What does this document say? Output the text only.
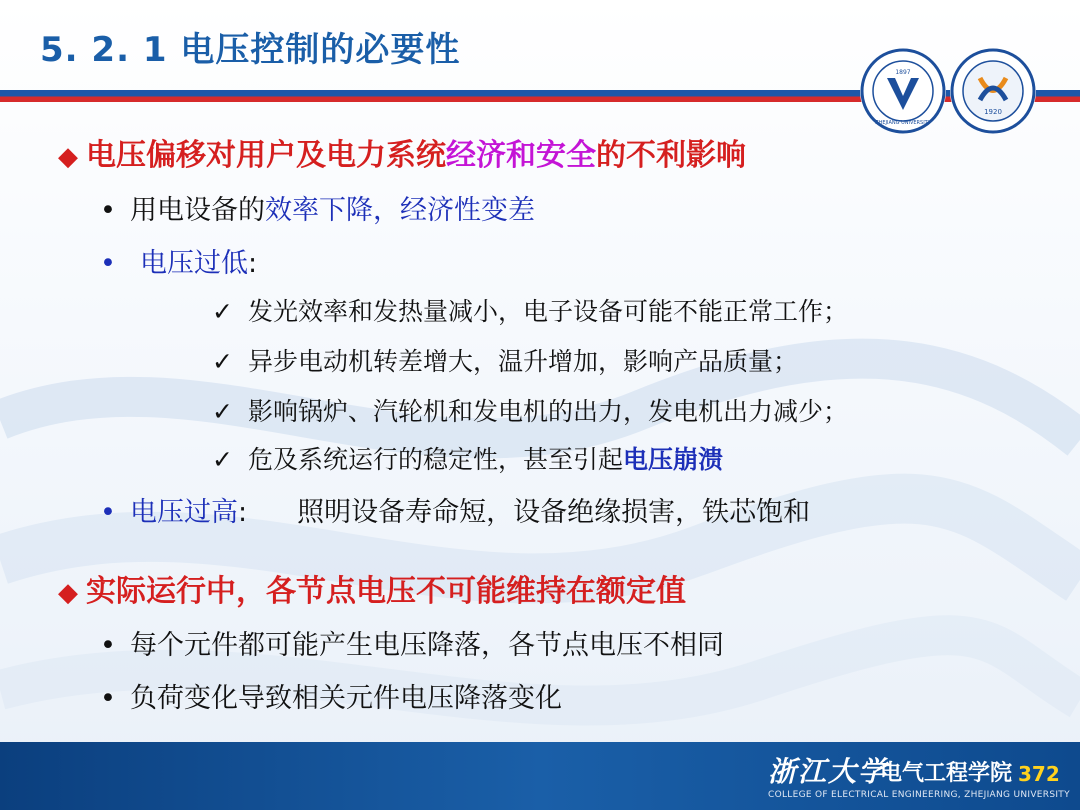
5. 2. 1 电压控制的必要性
1897
ZHEJIANG UNIVERSITY
1920
◆ 电压偏移对用户及电力系统经济和安全的不利影响
• 用电设备的效率下降，经济性变差
• 电压过低:
✓ 发光效率和发热量减小，电子设备可能不能正常工作；
✓ 异步电动机转差增大，温升增加，影响产品质量；
✓ 影响锅炉、汽轮机和发电机的出力，发电机出力减少；
✓ 危及系统运行的稳定性，甚至引起电压崩溃
• 电压过高: 照明设备寿命短，设备绝缘损害，铁芯饱和
◆ 实际运行中，各节点电压不可能维持在额定值
• 每个元件都可能产生电压降落，各节点电压不相同
• 负荷变化导致相关元件电压降落变化
浙江大学
电气工程学院
COLLEGE OF ELECTRICAL ENGINEERING, ZHEJIANG UNIVERSITY
372
